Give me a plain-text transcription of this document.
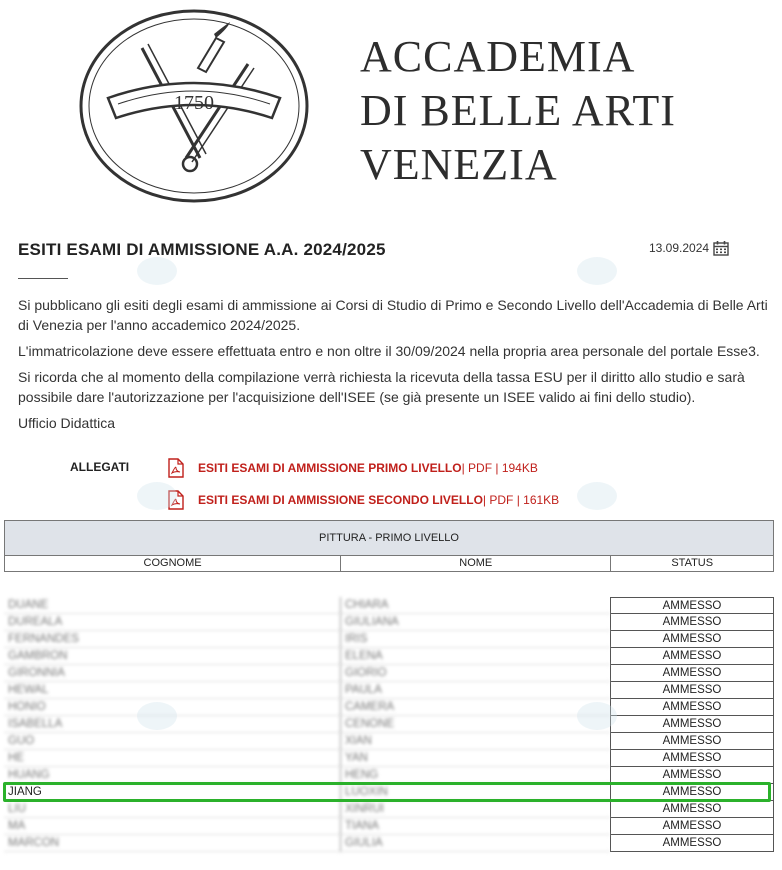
1750
ACCADEMIA
DI BELLE ARTI
VENEZIA
ESITI ESAMI DI AMMISSIONE A.A. 2024/2025	13.09.2024

Si pubblicano gli esiti degli esami di ammissione ai Corsi di Studio di Primo e Secondo Livello dell'Accademia di Belle Arti di Venezia per l'anno accademico 2024/2025.

L'immatricolazione deve essere effettuata entro e non oltre il 30/09/2024 nella propria area personale del portale Esse3.

Si ricorda che al momento della compilazione verrà richiesta la ricevuta della tassa ESU per il diritto allo studio e sarà possibile dare l'autorizzazione per l'acquisizione dell'ISEE (se già presente un ISEE valido ai fini dello studio).

Ufficio Didattica

ALLEGATI	ESITI ESAMI DI AMMISSIONE PRIMO LIVELLO | PDF | 194KB
ESITI ESAMI DI AMMISSIONE SECONDO LIVELLO | PDF | 161KB
PITTURA - PRIMO LIVELLO
COGNOME	NOME	STATUS
DUANE	CHIARA	AMMESSO
DUREALA	GIULIANA	AMMESSO
FERNANDES	IRIS	AMMESSO
GAMBRON	ELENA	AMMESSO
GIRONNIA	GIORIO	AMMESSO
HEWAL	PAULA	AMMESSO
HONIO	CAMERA	AMMESSO
ISABELLA	CENONE	AMMESSO
GUO	XIAN	AMMESSO
HE	YAN	AMMESSO
HUANG	HENG	AMMESSO
JIANG	LUOXIN	AMMESSO
LIU	XINRUI	AMMESSO
MA	TIANA	AMMESSO
MARCON	GIULIA	AMMESSO
